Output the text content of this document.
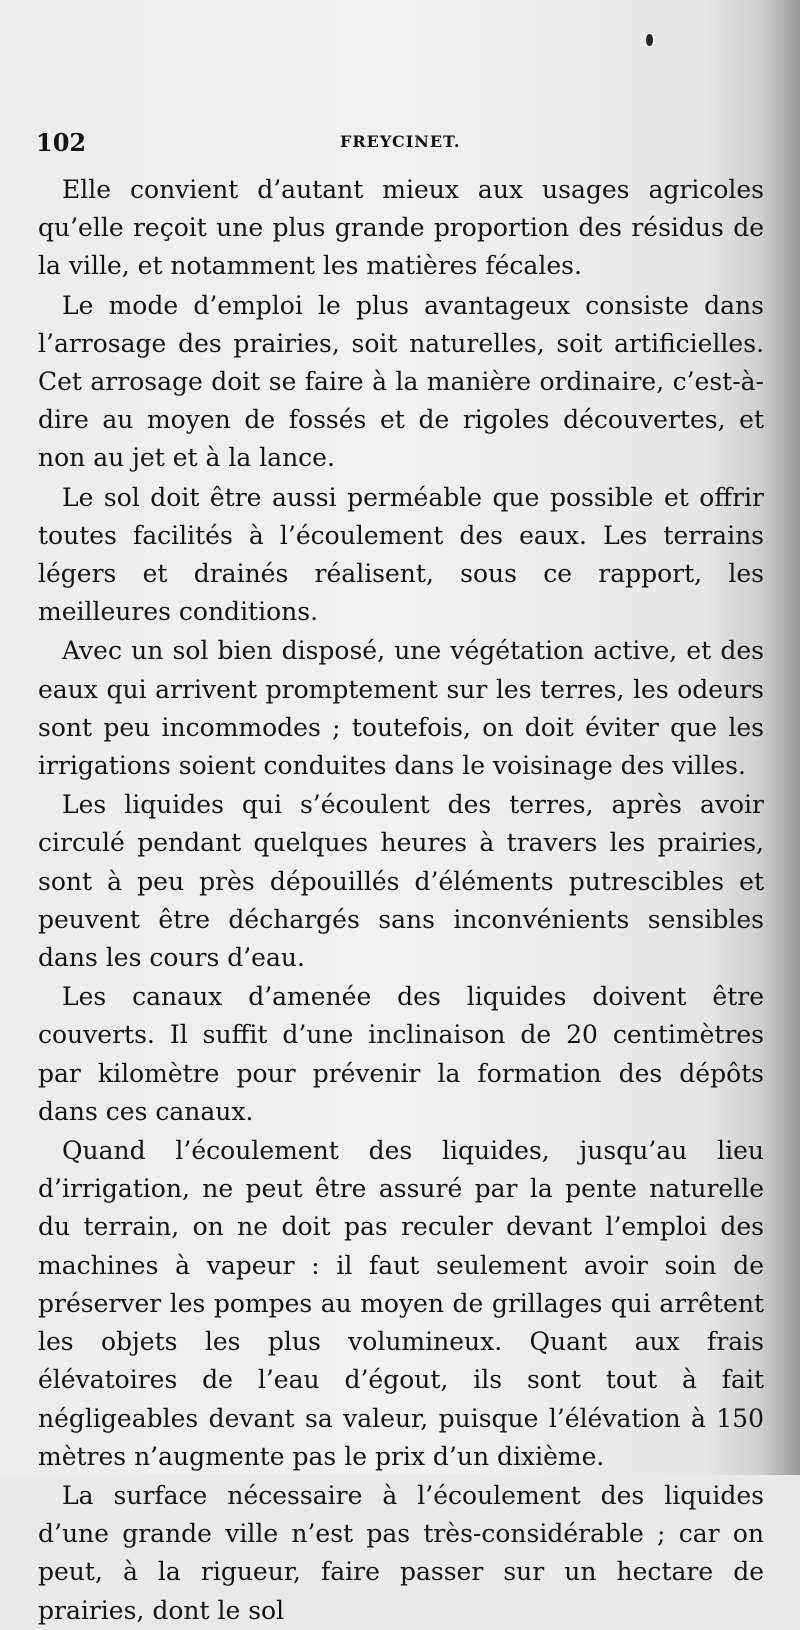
102	FREYCINET.

Elle convient d’autant mieux aux usages agricoles qu’elle reçoit une plus grande proportion des résidus de la ville, et notamment les matières fécales.

Le mode d’emploi le plus avantageux consiste dans l’arrosage des prairies, soit naturelles, soit artificielles. Cet arrosage doit se faire à la manière ordinaire, c’est-à-dire au moyen de fossés et de rigoles découvertes, et non au jet et à la lance.

Le sol doit être aussi perméable que possible et offrir toutes facilités à l’écoulement des eaux. Les terrains légers et drainés réalisent, sous ce rapport, les meilleures conditions.

Avec un sol bien disposé, une végétation active, et des eaux qui arrivent promptement sur les terres, les odeurs sont peu incommodes ; toutefois, on doit éviter que les irrigations soient conduites dans le voisinage des villes.

Les liquides qui s’écoulent des terres, après avoir circulé pendant quelques heures à travers les prairies, sont à peu près dépouillés d’éléments putrescibles et peuvent être déchargés sans inconvénients sensibles dans les cours d’eau.

Les canaux d’amenée des liquides doivent être couverts. Il suffit d’une inclinaison de 20 centimètres par kilomètre pour prévenir la formation des dépôts dans ces canaux.

Quand l’écoulement des liquides, jusqu’au lieu d’irrigation, ne peut être assuré par la pente naturelle du terrain, on ne doit pas reculer devant l’emploi des machines à vapeur : il faut seulement avoir soin de préserver les pompes au moyen de grillages qui arrêtent les objets les plus volumineux. Quant aux frais élévatoires de l’eau d’égout, ils sont tout à fait négligeables devant sa valeur, puisque l’élévation à 150 mètres n’augmente pas le prix d’un dixième.

La surface nécessaire à l’écoulement des liquides d’une grande ville n’est pas très-considérable ; car on peut, à la rigueur, faire passer sur un hectare de prairies, dont le sol
